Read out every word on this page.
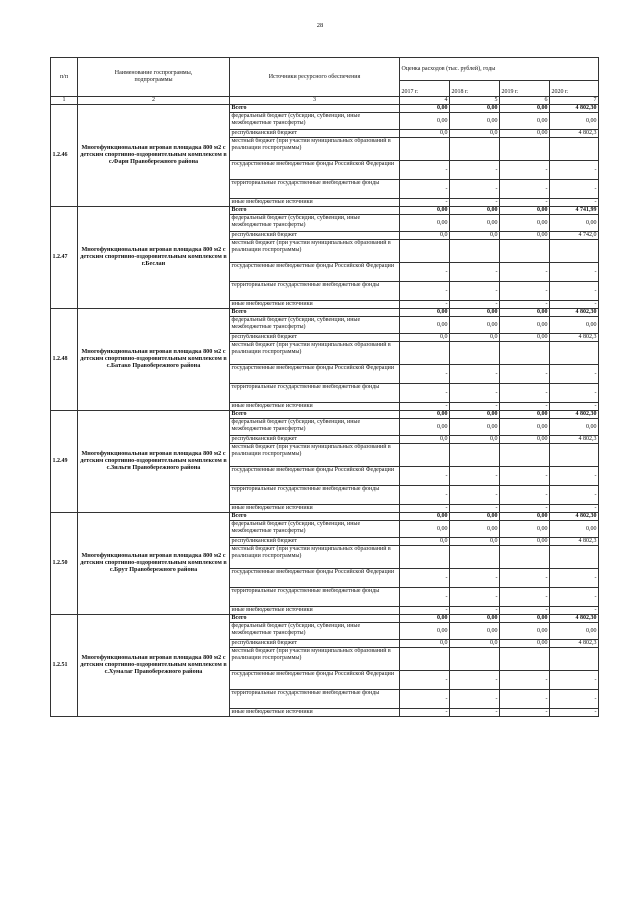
28
п/п	Наименование госпрограммы, подпрограммы	Источники ресурсного обеспечения	Оценка расходов (тыс. рублей), годы			
			2017 г.	2018 г.	2019 г.	2020 г.
1	2	3	4	5	6	7
1.2.46	Многофункциональная игровая площадка 800 м2 с детским спортивно-оздоровительным комплексом в с.Фарн Правобережного района	Всего	0,00	0,00	0,00	4 802,30
		федеральный бюджет (субсидии, субвенции, иные межбюджетные трансферты)	0,00	0,00	0,00	0,00
		республиканский бюджет	0,0	0,0	0,00	4 802,3
		местный бюджет (при участии муниципальных образований в реализации госпрограммы)				
		государственные внебюджетные фонды Российской Федерации	-	-	-	-
		территориальные государственные внебюджетные фонды	-	-	-	-
		иные внебюджетные источники	-	-	-	-
1.2.47	Многофункциональная игровая площадка 800 м2 с детским спортивно-оздоровительным комплексом в г.Беслан	Всего	0,00	0,00	0,00	4 741,99
		федеральный бюджет (субсидии, субвенции, иные межбюджетные трансферты)	0,00	0,00	0,00	0,00
		республиканский бюджет	0,0	0,0	0,00	4 742,0
		местный бюджет (при участии муниципальных образований в реализации госпрограммы)				
		государственные внебюджетные фонды Российской Федерации	-	-	-	-
		территориальные государственные внебюджетные фонды	-	-	-	-
		иные внебюджетные источники	-	-	-	-
1.2.48	Многофункциональная игровая площадка 800 м2 с детским спортивно-оздоровительным комплексом в с.Батако Правобережного района	Всего	0,00	0,00	0,00	4 802,30
		федеральный бюджет (субсидии, субвенции, иные межбюджетные трансферты)	0,00	0,00	0,00	0,00
		республиканский бюджет	0,0	0,0	0,00	4 802,3
		местный бюджет (при участии муниципальных образований в реализации госпрограммы)				
		государственные внебюджетные фонды Российской Федерации	-	-	-	-
		территориальные государственные внебюджетные фонды	-	-	-	-
		иные внебюджетные источники	-	-	-	-
1.2.49	Многофункциональная игровая площадка 800 м2 с детским спортивно-оздоровительным комплексом в с.Зильги Правобережного района	Всего	0,00	0,00	0,00	4 802,30
		федеральный бюджет (субсидии, субвенции, иные межбюджетные трансферты)	0,00	0,00	0,00	0,00
		республиканский бюджет	0,0	0,0	0,00	4 802,3
		местный бюджет (при участии муниципальных образований в реализации госпрограммы)				
		государственные внебюджетные фонды Российской Федерации	-	-	-	-
		территориальные государственные внебюджетные фонды	-	-	-	-
		иные внебюджетные источники	-	-	-	-
1.2.50	Многофункциональная игровая площадка 800 м2 с детским спортивно-оздоровительным комплексом в с.Брут Правобережного района	Всего	0,00	0,00	0,00	4 802,30
		федеральный бюджет (субсидии, субвенции, иные межбюджетные трансферты)	0,00	0,00	0,00	0,00
		республиканский бюджет	0,0	0,0	0,00	4 802,3
		местный бюджет (при участии муниципальных образований в реализации госпрограммы)				
		государственные внебюджетные фонды Российской Федерации	-	-	-	-
		территориальные государственные внебюджетные фонды	-	-	-	-
		иные внебюджетные источники	-	-	-	-
1.2.51	Многофункциональная игровая площадка 800 м2 с детским спортивно-оздоровительным комплексом в с.Хумалаг Правобережного района	Всего	0,00	0,00	0,00	4 802,30
		федеральный бюджет (субсидии, субвенции, иные межбюджетные трансферты)	0,00	0,00	0,00	0,00
		республиканский бюджет	0,0	0,0	0,00	4 802,3
		местный бюджет (при участии муниципальных образований в реализации госпрограммы)				
		государственные внебюджетные фонды Российской Федерации	-	-	-	-
		территориальные государственные внебюджетные фонды	-	-	-	-
		иные внебюджетные источники	-	-	-	-
